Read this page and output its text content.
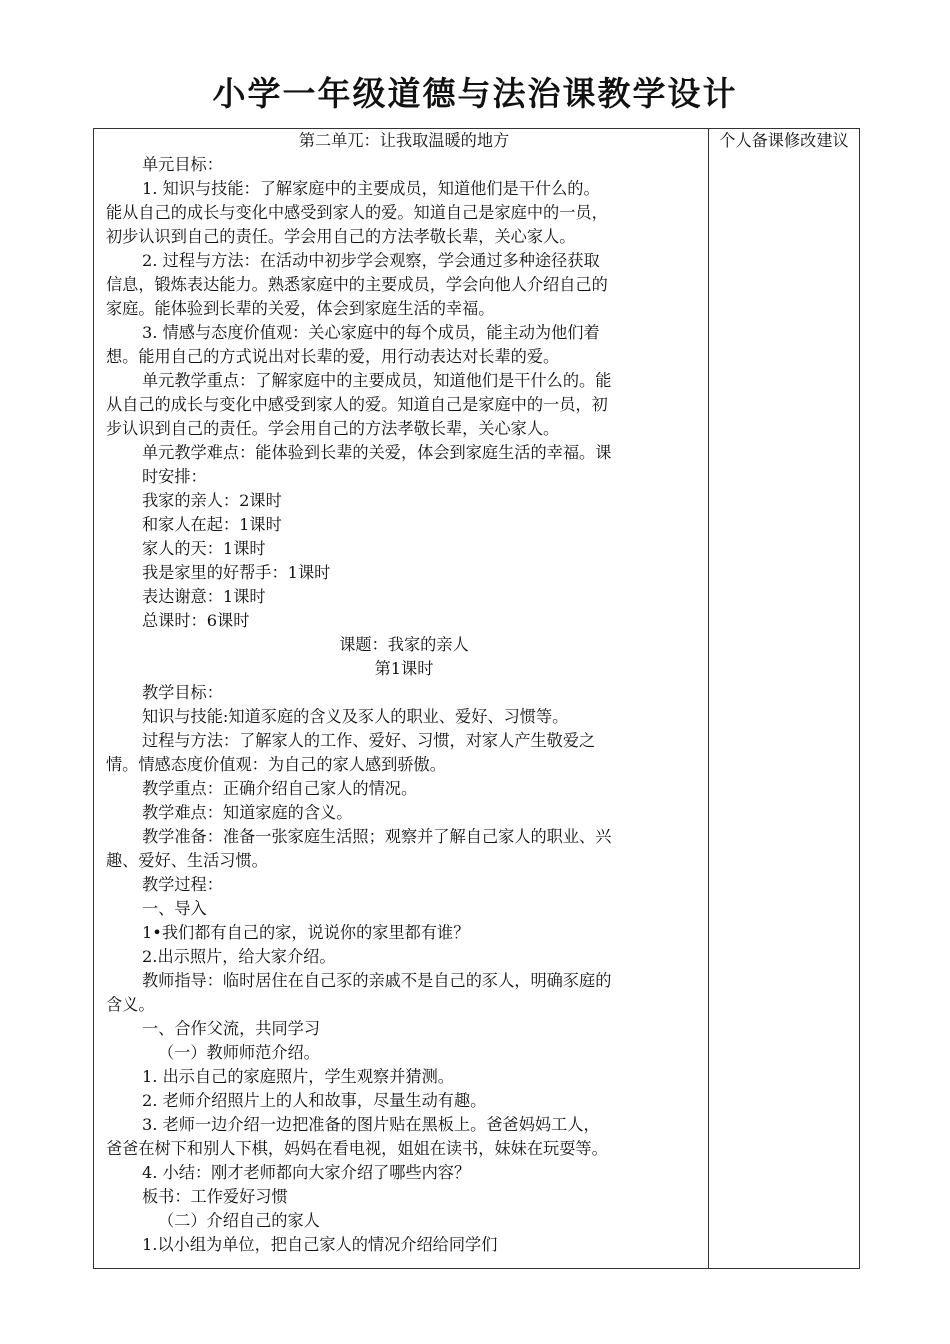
小学一年级道德与法治课教学设计

第二单兀：让我取温暖的地方

单元目标：

1. 知识与技能：了解家庭中的主要成员，知道他们是干什么的。

能从自己的成长与变化中感受到家人的爱。知道自己是家庭中的一员，

初步认识到自己的责任。学会用自己的方法孝敬长辈，关心家人。

2. 过程与方法：在活动中初步学会观察，学会通过多种途径获取

信息，锻炼表达能力。熟悉家庭中的主要成员，学会向他人介绍自己的

家庭。能体验到长辈的关爱，体会到家庭生活的幸福。

3. 情感与态度价值观：关心家庭中的每个成员，能主动为他们着

想。能用自己的方式说出对长辈的爱，用行动表达对长辈的爱。

单元教学重点：了解家庭中的主要成员，知道他们是干什么的。能

从自己的成长与变化中感受到家人的爱。知道自己是家庭中的一员，初

步认识到自己的责任。学会用自己的方法孝敬长辈，关心家人。

单元教学难点：能体验到长辈的关爱，体会到家庭生活的幸福。课

时安排：

我家的亲人：2课时

和家人在起：1课时

家人的天：1课时

我是家里的好帮手：1课时

表达谢意：1课时

总课时：6课时

课题：我家的亲人

第1课时

教学目标：

知识与技能:知道豕庭的含义及豕人的职业、爱好、习惯等。

过程与方法：了解家人的工作、爱好、习惯，对家人产生敬爱之

情。情感态度价值观：为自己的家人感到骄傲。

教学重点：正确介绍自己家人的情况。

教学难点：知道家庭的含义。

教学准备：准备一张家庭生活照；观察并了解自己家人的职业、兴

趣、爱好、生活习惯。

教学过程：

一、导入

1•我们都有自己的家，说说你的家里都有谁？

2.出示照片，给大家介绍。

教师指导：临时居住在自己豕的亲戚不是自己的豕人，明确豕庭的

含义。

一、合作父流，共同学习

（一）教师师范介绍。

1. 出示自己的家庭照片，学生观察并猜测。

2. 老师介绍照片上的人和故事，尽量生动有趣。

3. 老师一边介绍一边把准备的图片贴在黑板上。爸爸妈妈工人，

爸爸在树下和别人下棋，妈妈在看电视，姐姐在读书，妹妹在玩耍等。

4. 小结：刚才老师都向大家介绍了哪些内容？

板书：工作爱好习惯

（二）介绍自己的家人

1.以小组为单位，把自己家人的情况介绍给同学们

个人备课修改建议
